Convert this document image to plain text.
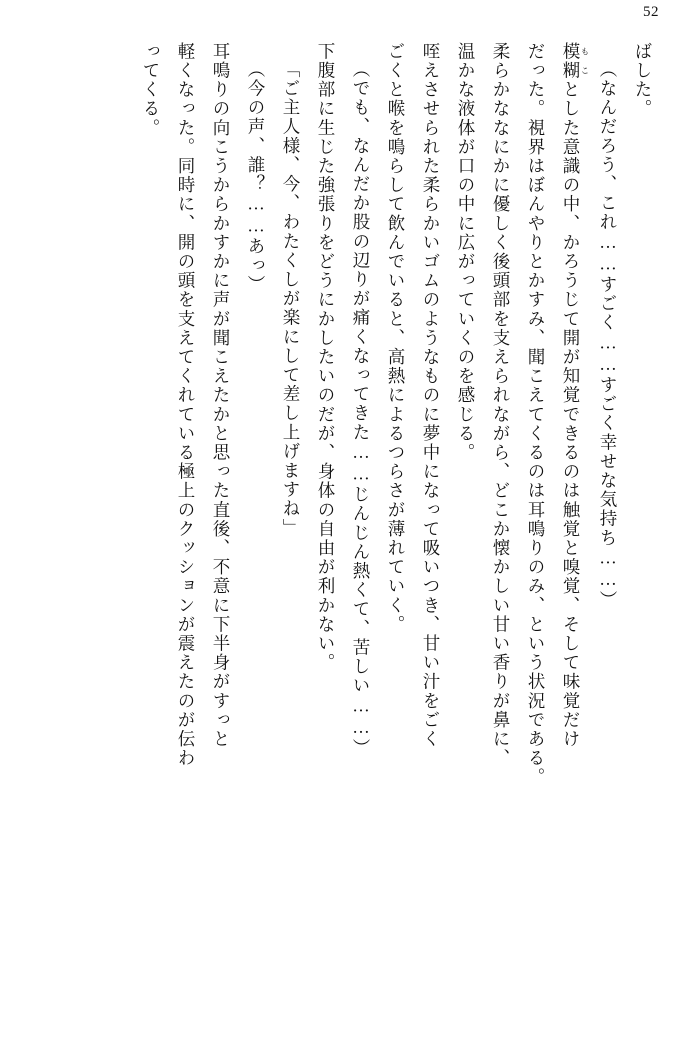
52
ばした。
（なんだろう、これ……すごく……すごく幸せな気持ち……）
模糊 もことした意識の中、かろうじて開が知覚できるのは触覚と嗅覚、そして味覚だけ
だった。視界はぼんやりとかすみ、聞こえてくるのは耳鳴りのみ、という状況である。
柔らかななにかに優しく後頭部を支えられながら、どこか懐かしい甘い香りが鼻に、
温かな液体が口の中に広がっていくのを感じる。
咥えさせられた柔らかいゴムのようなものに夢中になって吸いつき、甘い汁をごく
ごくと喉を鳴らして飲んでいると、高熱によるつらさが薄れていく。
（でも、なんだか股の辺りが痛くなってきた……じんじん熱くて、苦しい……）
下腹部に生じた強張りをどうにかしたいのだが、身体の自由が利かない。
「ご主人様、今、わたくしが楽にして差し上げますね」
（今の声、誰？……あっ）
耳鳴りの向こうからかすかに声が聞こえたかと思った直後、不意に下半身がすっと
軽くなった。同時に、開の頭を支えてくれている極上のクッションが震えたのが伝わ
ってくる。
